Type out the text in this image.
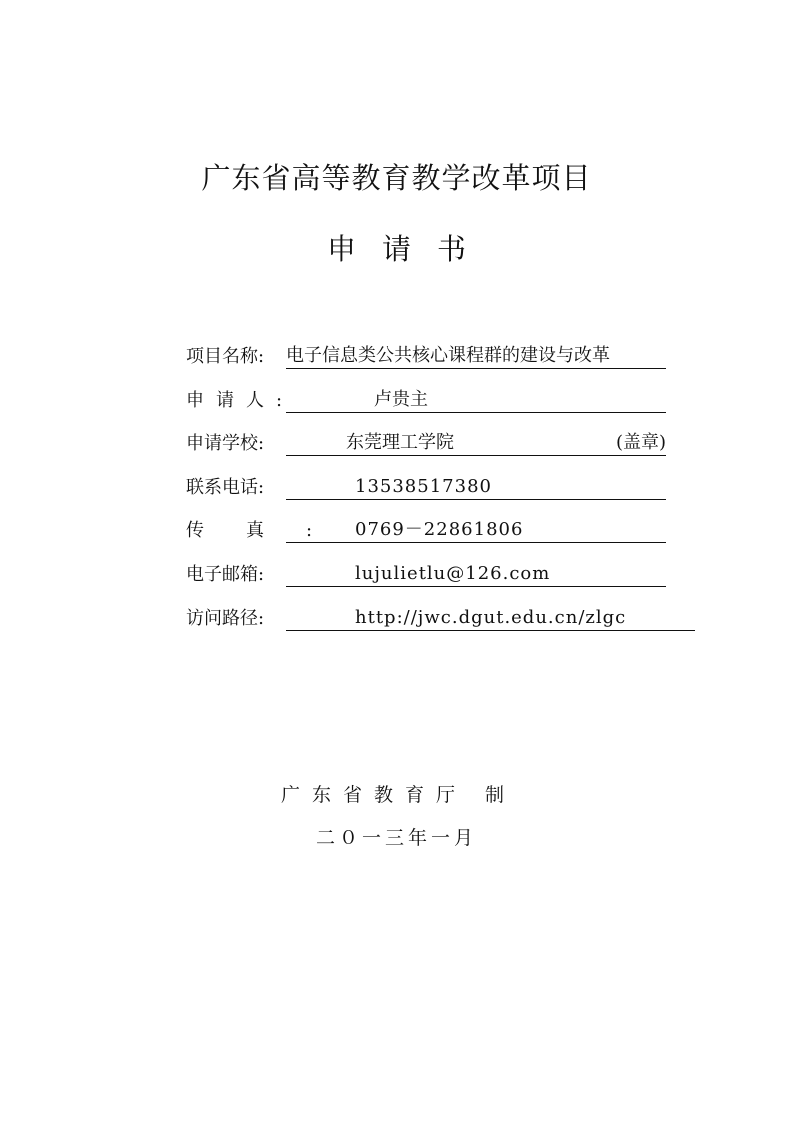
广东省高等教育教学改革项目
申请书
项目名称: 电子信息类公共核心课程群的建设与改革
申请人:	卢贵主
申请学校:	东莞理工学院	(盖章)
联系电话:	13538517380
传真: 0769－22861806
电子邮箱:	lujulietlu@126.com
访问路径:	http://jwc.dgut.edu.cn/zlgc
广东省教育厅 制
二０一三年一月
